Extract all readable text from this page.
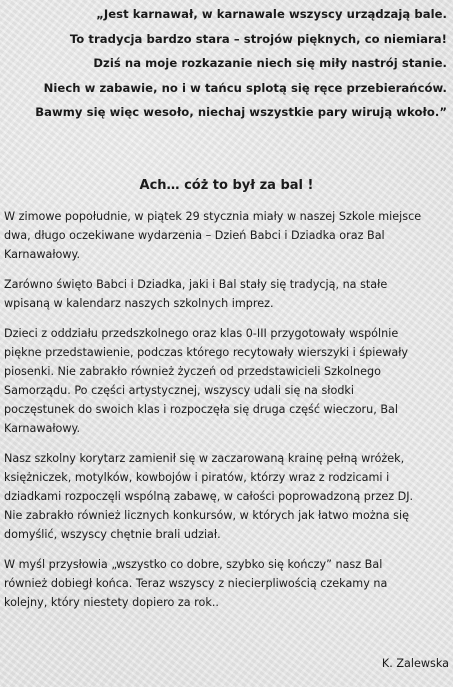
„Jest karnawał, w karnawale wszyscy urządzają bale.
To tradycja bardzo stara – strojów pięknych, co niemiara!
Dziś na moje rozkazanie niech się miły nastrój stanie.
Niech w zabawie, no i w tańcu splotą się ręce przebierańców.
Bawmy się więc wesoło, niechaj wszystkie pary wirują wkoło.”
Ach… cóż to był za bal !
W zimowe popołudnie, w piątek 29 stycznia miały w naszej Szkole miejsce
dwa, długo oczekiwane wydarzenia – Dzień Babci i Dziadka oraz Bal
Karnawałowy.
Zarówno święto Babci i Dziadka, jaki i Bal stały się tradycją, na stałe
wpisaną w kalendarz naszych szkolnych imprez.
Dzieci z oddziału przedszkolnego oraz klas 0-III przygotowały wspólnie
piękne przedstawienie, podczas którego recytowały wierszyki i śpiewały
piosenki. Nie zabrakło również życzeń od przedstawicieli Szkolnego
Samorządu. Po części artystycznej, wszyscy udali się na słodki
poczęstunek do swoich klas i rozpoczęła się druga część wieczoru, Bal
Karnawałowy.
Nasz szkolny korytarz zamienił się w zaczarowaną krainę pełną wróżek,
księżniczek, motylków, kowbojów i piratów, którzy wraz z rodzicami i
dziadkami rozpoczęli wspólną zabawę, w całości poprowadzoną przez DJ.
Nie zabrakło również licznych konkursów, w których jak łatwo można się
domyślić, wszyscy chętnie brali udział.
W myśl przysłowia „wszystko co dobre, szybko się kończy” nasz Bal
również dobiegł końca. Teraz wszyscy z niecierpliwością czekamy na
kolejny, który niestety dopiero za rok..
K. Zalewska
